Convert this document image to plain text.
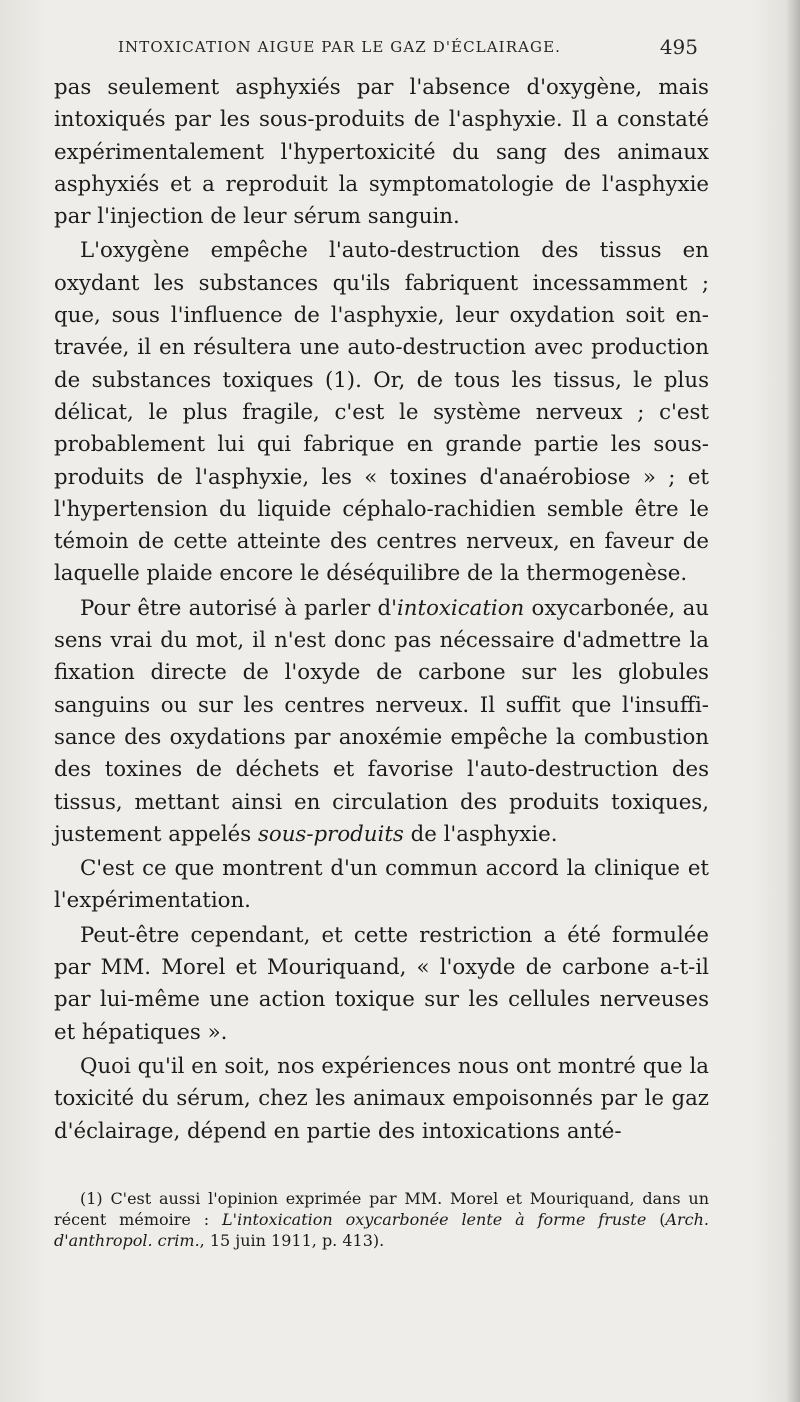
INTOXICATION AIGUE PAR LE GAZ D'ÉCLAIRAGE.	495

pas seulement asphyxiés par l'absence d'oxygène, mais intoxiqués par les sous-produits de l'asphyxie. Il a constaté expérimentalement l'hypertoxicité du sang des animaux asphyxiés et a reproduit la symptomatologie de l'asphyxie par l'injection de leur sérum sanguin.

L'oxygène empêche l'auto-destruction des tissus en oxydant les substances qu'ils fabriquent incessamment ; que, sous l'influence de l'asphyxie, leur oxydation soit entravée, il en résultera une auto-destruction avec production de substances toxiques (1). Or, de tous les tissus, le plus délicat, le plus fragile, c'est le système nerveux ; c'est probablement lui qui fabrique en grande partie les sous-produits de l'asphyxie, les « toxines d'anaérobiose » ; et l'hypertension du liquide céphalo-rachidien semble être le témoin de cette atteinte des centres nerveux, en faveur de laquelle plaide encore le déséquilibre de la thermogenèse.

Pour être autorisé à parler d'intoxication oxycarbonée, au sens vrai du mot, il n'est donc pas nécessaire d'admettre la fixation directe de l'oxyde de carbone sur les globules sanguins ou sur les centres nerveux. Il suffit que l'insuffisance des oxydations par anoxémie empêche la combustion des toxines de déchets et favorise l'auto-destruction des tissus, mettant ainsi en circulation des produits toxiques, justement appelés sous-produits de l'asphyxie.

C'est ce que montrent d'un commun accord la clinique et l'expérimentation.

Peut-être cependant, et cette restriction a été formulée par MM. Morel et Mouriquand, « l'oxyde de carbone a-t-il par lui-même une action toxique sur les cellules nerveuses et hépatiques ».

Quoi qu'il en soit, nos expériences nous ont montré que la toxicité du sérum, chez les animaux empoisonnés par le gaz d'éclairage, dépend en partie des intoxications anté-

(1) C'est aussi l'opinion exprimée par MM. Morel et Mouriquand, dans un récent mémoire : L'intoxication oxycarbonée lente à forme fruste (Arch. d'anthropol. crim., 15 juin 1911, p. 413).
